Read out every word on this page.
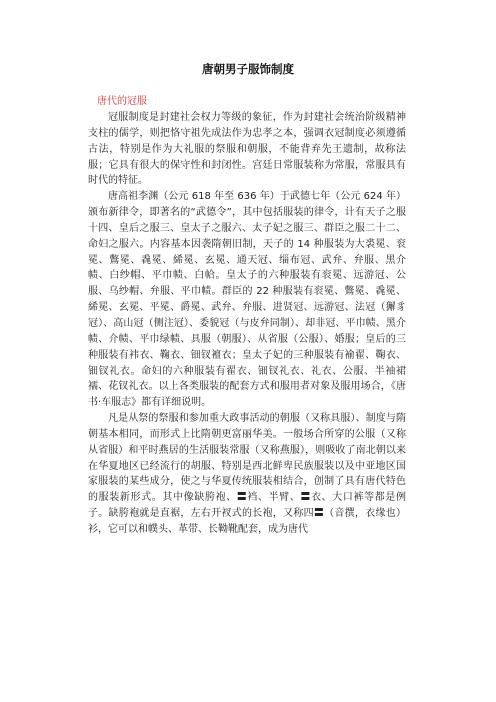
唐朝男子服饰制度
唐代的冠服

冠服制度是封建社会权力等级的象征，作为封建社会统治阶级精神支柱的儒学，则把恪守祖先成法作为忠孝之本，强调衣冠制度必须遵循古法，特别是作为大礼服的祭服和朝服，不能背弃先王遗制，故称法服；它具有很大的保守性和封闭性。宫廷日常服装称为常服，常服具有时代的特征。

唐高祖李渊（公元 618 年至 636 年）于武德七年（公元 624 年）颁布新律令，即著名的“武德令”，其中包括服装的律令，计有天子之服十四、皇后之服三、皇太子之服六、太子妃之服三、群臣之服二十二、命妇之服六。内容基本因袭隋朝旧制，天子的 14 种服装为大裘冕、衮冕、鷩冕、毳冕、絺冕、玄冕、通天冠、缁布冠、武弁、弁服、黑介帻、白纱帽、平巾帻、白帢。皇太子的六种服装有衮冕、远游冠、公服、乌纱帽、弁服、平巾帻。群臣的 22 种服装有衮冕、鷩冕、毳冕、絺冕、玄冕、平冕、爵冕、武弁、弁服、进贤冠、远游冠、法冠（獬豸冠）、高山冠（侧注冠）、委貌冠（与皮弁同制）、却非冠、平巾帻、黑介帻、介帻、平巾绿帻、具服（朝服）、从省服（公服）、婚服；皇后的三种服装有袆衣、鞠衣、钿钗襢衣；皇太子妃的三种服装有褕翟、鞠衣、钿钗礼衣。命妇的六种服装有翟衣、钿钗礼衣、礼衣、公服、半袖裙襦、花钗礼衣。以上各类服装的配套方式和服用者对象及服用场合，《唐书·车服志》都有详细说明。

凡是从祭的祭服和参加重大政事活动的朝服（又称具服）、制度与隋朝基本相同，而形式上比隋朝更富丽华美。一般场合所穿的公服（又称从省服）和平时燕居的生活服装常服（又称燕服），则吸收了南北朝以来在华夏地区已经流行的胡服、特别是西北鲜卑民族服装以及中亚地区国家服装的某些成分，使之与华夏传统服装相结合，创制了具有唐代特色的服装新形式。其中像缺胯袍、〓裆、半臂、〓衣、大口裤等都是例子。缺胯袍就是直裾，左右开衩式的长袍，又称四〓（音撰，衣缘也）衫，它可以和幞头、革带、长靿靴配套，成为唐代
